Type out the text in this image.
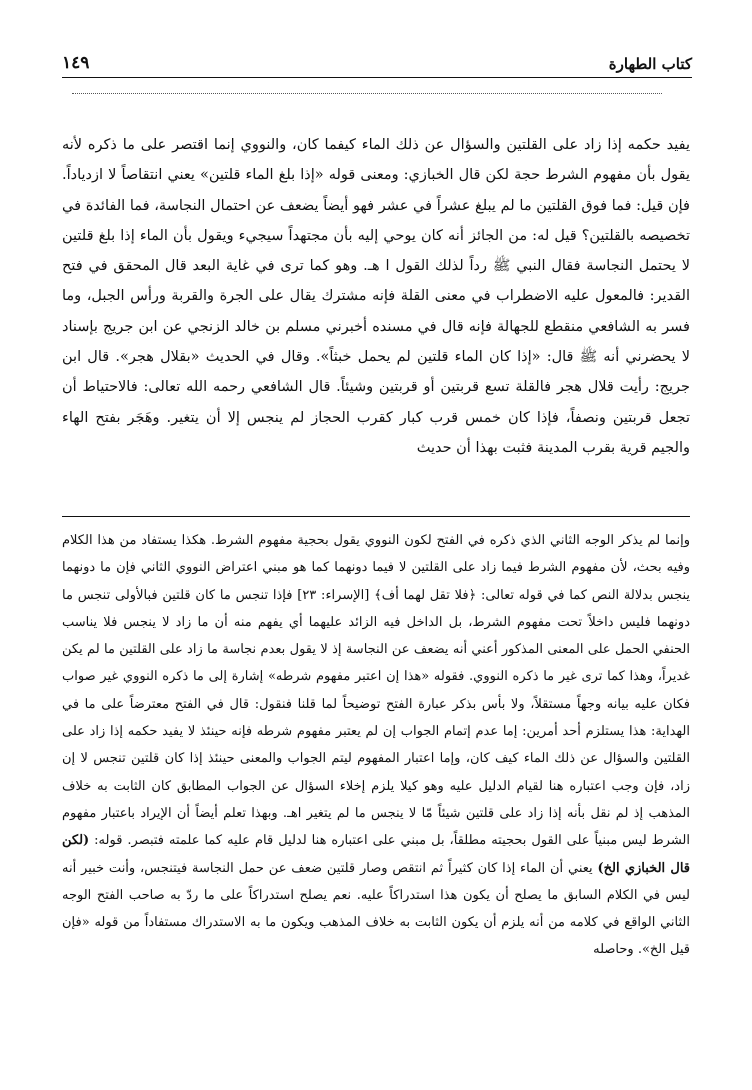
١٤٩	كتاب الطهارة

يفيد حكمه إذا زاد على القلتين والسؤال عن ذلك الماء كيفما كان، والنووي إنما اقتصر على ما ذكره لأنه يقول بأن مفهوم الشرط حجة لكن قال الخبازي: ومعنى قوله «إذا بلغ الماء قلتين» يعني انتقاصاً لا ازدياداً. فإن قيل: فما فوق القلتين ما لم يبلغ عشراً في عشر فهو أيضاً يضعف عن احتمال النجاسة، فما الفائدة في تخصيصه بالقلتين؟ قيل له: من الجائز أنه كان يوحي إليه بأن مجتهداً سيجيء ويقول بأن الماء إذا بلغ قلتين لا يحتمل النجاسة فقال النبي ﷺ رداً لذلك القول ا هـ. وهو كما ترى في غاية البعد قال المحقق في فتح القدير: فالمعول عليه الاضطراب في معنى القلة فإنه مشترك يقال على الجرة والقربة ورأس الجبل، وما فسر به الشافعي منقطع للجهالة فإنه قال في مسنده أخبرني مسلم بن خالد الزنجي عن ابن جريج بإسناد لا يحضرني أنه ﷺ قال: «إذا كان الماء قلتين لم يحمل خبثاً». وقال في الحديث «بقلال هجر». قال ابن جريج: رأيت قلال هجر فالقلة تسع قربتين أو قربتين وشيئاً. قال الشافعي رحمه الله تعالى: فالاحتياط أن تجعل قربتين ونصفاً، فإذا كان خمس قرب كبار كقرب الحجاز لم ينجس إلا أن يتغير. وهَجَر بفتح الهاء والجيم قرية بقرب المدينة فثبت بهذا أن حديث

وإنما لم يذكر الوجه الثاني الذي ذكره في الفتح لكون النووي يقول بحجية مفهوم الشرط. هكذا يستفاد من هذا الكلام وفيه بحث، لأن مفهوم الشرط فيما زاد على القلتين لا فيما دونهما كما هو مبني اعتراض النووي الثاني فإن ما دونهما ينجس بدلالة النص كما في قوله تعالى: ﴿فلا تقل لهما أف﴾ [الإسراء: ٢٣] فإذا تنجس ما كان قلتين فبالأولى تنجس ما دونهما فليس داخلاً تحت مفهوم الشرط، بل الداخل فيه الزائد عليهما أي يفهم منه أن ما زاد لا ينجس فلا يناسب الحنفي الحمل على المعنى المذكور أعني أنه يضعف عن النجاسة إذ لا يقول بعدم نجاسة ما زاد على القلتين ما لم يكن غديراً، وهذا كما ترى غير ما ذكره النووي. فقوله «هذا إن اعتبر مفهوم شرطه» إشارة إلى ما ذكره النووي غير صواب فكان عليه بيانه وجهاً مستقلاً، ولا بأس بذكر عبارة الفتح توضيحاً لما قلنا فنقول: قال في الفتح معترضاً على ما في الهداية: هذا يستلزم أحد أمرين: إما عدم إتمام الجواب إن لم يعتبر مفهوم شرطه فإنه حينئذ لا يفيد حكمه إذا زاد على القلتين والسؤال عن ذلك الماء كيف كان، وإما اعتبار المفهوم ليتم الجواب والمعنى حينئذ إذا كان قلتين تنجس لا إن زاد، فإن وجب اعتباره هنا لقيام الدليل عليه وهو كيلا يلزم إخلاء السؤال عن الجواب المطابق كان الثابت به خلاف المذهب إذ لم نقل بأنه إذا زاد على قلتين شيئاً مّا لا ينجس ما لم يتغير اهـ. وبهذا تعلم أيضاً أن الإيراد باعتبار مفهوم الشرط ليس مبنياً على القول بحجيته مطلقاً، بل مبني على اعتباره هنا لدليل قام عليه كما علمته فتبصر. قوله: (لكن قال الخبازي الخ) يعني أن الماء إذا كان كثيراً ثم انتقص وصار قلتين ضعف عن حمل النجاسة فيتنجس، وأنت خبير أنه ليس في الكلام السابق ما يصلح أن يكون هذا استدراكاً عليه. نعم يصلح استدراكاً على ما ردّ به صاحب الفتح الوجه الثاني الواقع في كلامه من أنه يلزم أن يكون الثابت به خلاف المذهب ويكون ما به الاستدراك مستفاداً من قوله «فإن قيل الخ». وحاصله
